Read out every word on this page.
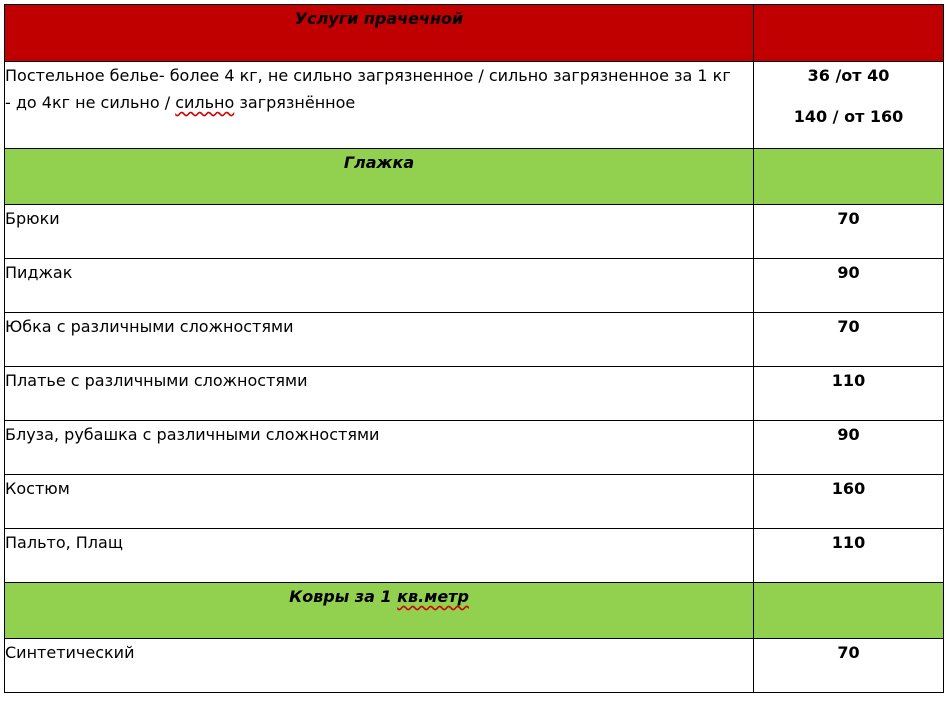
Услуги прачечной	

Постельное белье- более 4 кг, не сильно загрязненное / сильно загрязненное за 1 кг - до 4кг не сильно / сильно загрязнённое	36 /от 40
140 / от 160

Глажка	
Брюки	70
Пиджак	90
Юбка с различными сложностями	70
Платье с различными сложностями	110
Блуза, рубашка с различными сложностями	90
Костюм	160
Пальто, Плащ	110
Ковры за 1 кв.метр	
Синтетический	70
